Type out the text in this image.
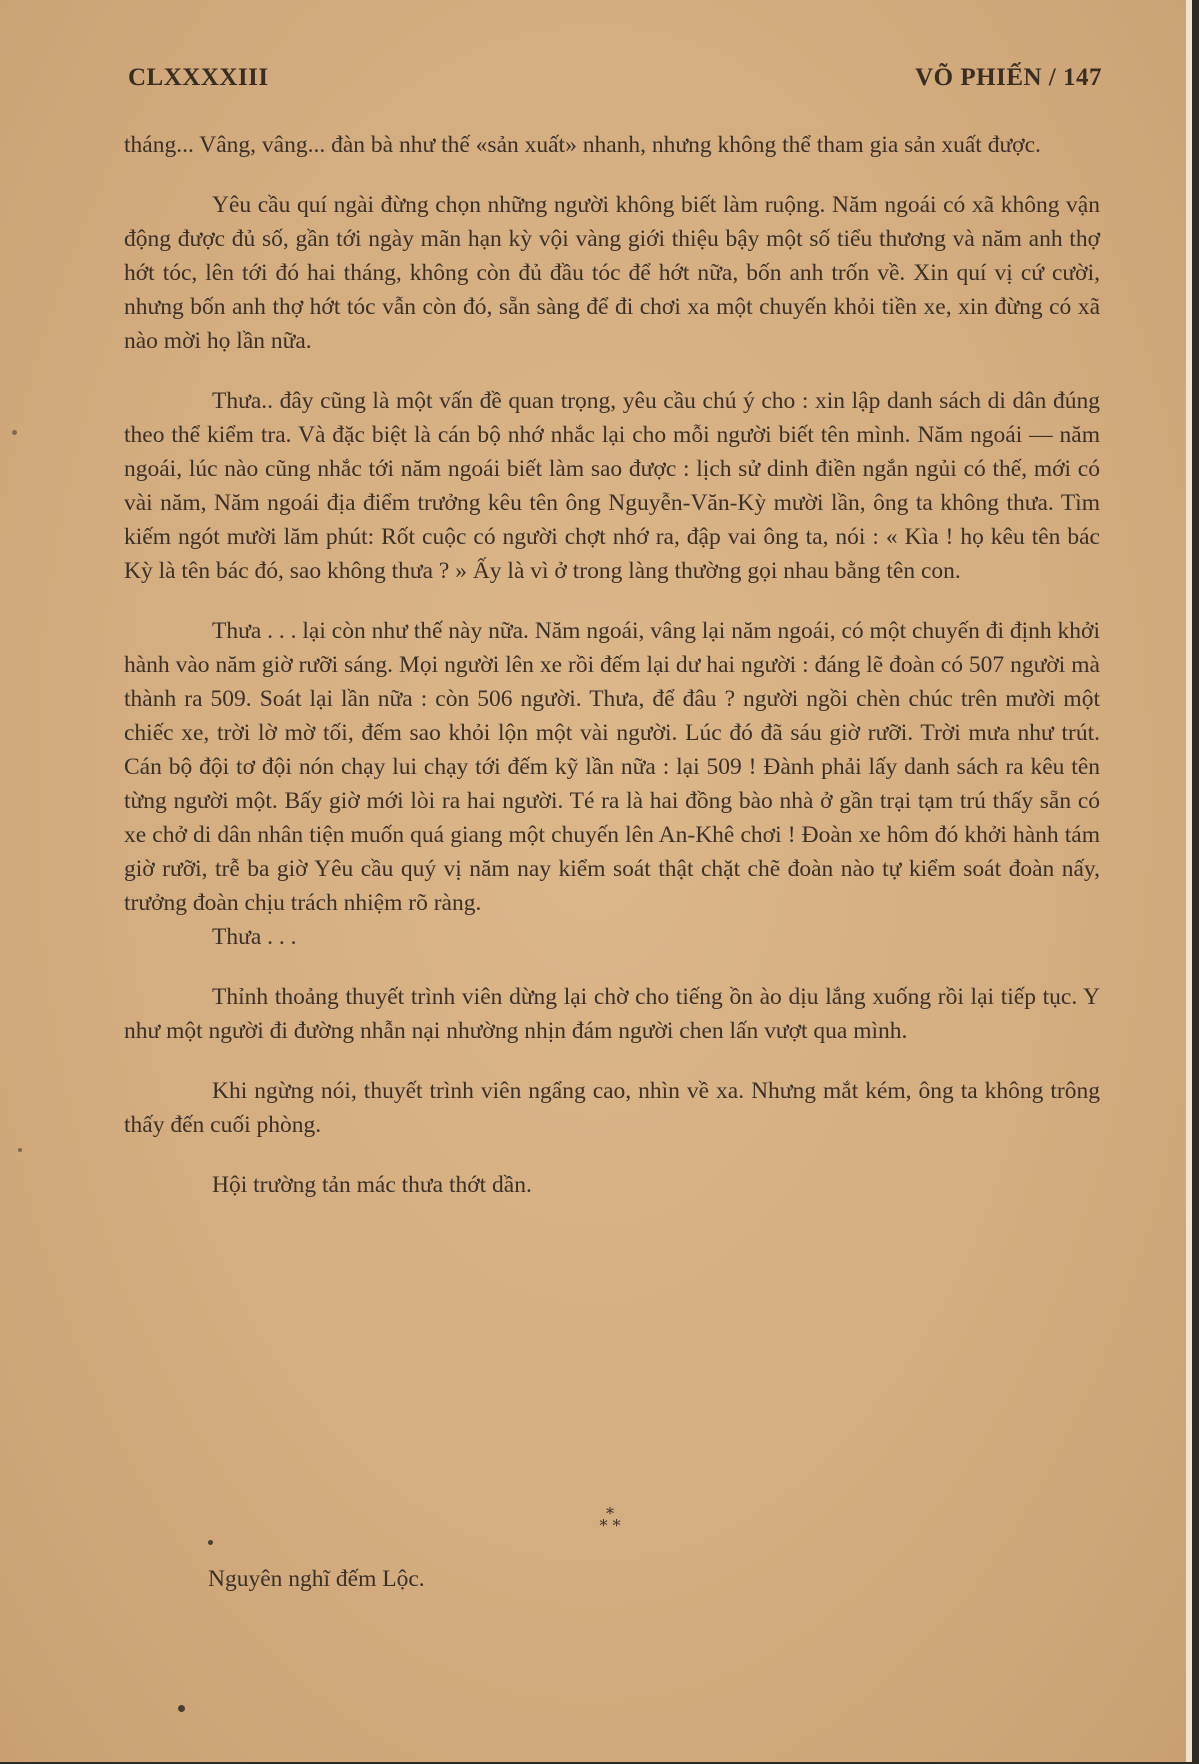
CLXXXXIII	VÕ PHIẾN / 147

tháng... Vâng, vâng... đàn bà như thế «sản xuất» nhanh, nhưng không thể tham gia sản xuất được.

Yêu cầu quí ngài đừng chọn những người không biết làm ruộng. Năm ngoái có xã không vận động được đủ số, gần tới ngày mãn hạn kỳ vội vàng giới thiệu bậy một số tiểu thương và năm anh thợ hớt tóc, lên tới đó hai tháng, không còn đủ đầu tóc để hớt nữa, bốn anh trốn về. Xin quí vị cứ cười, nhưng bốn anh thợ hớt tóc vẫn còn đó, sẵn sàng để đi chơi xa một chuyến khỏi tiền xe, xin đừng có xã nào mời họ lần nữa.

Thưa.. đây cũng là một vấn đề quan trọng, yêu cầu chú ý cho : xin lập danh sách di dân đúng theo thể kiểm tra. Và đặc biệt là cán bộ nhớ nhắc lại cho mỗi người biết tên mình. Năm ngoái — năm ngoái, lúc nào cũng nhắc tới năm ngoái biết làm sao được : lịch sử dinh điền ngắn ngủi có thế, mới có vài năm, Năm ngoái địa điểm trưởng kêu tên ông Nguyễn-Văn-Kỳ mười lần, ông ta không thưa. Tìm kiếm ngót mười lăm phút: Rốt cuộc có người chợt nhớ ra, đập vai ông ta, nói : « Kìa ! họ kêu tên bác Kỳ là tên bác đó, sao không thưa ? » Ấy là vì ở trong làng thường gọi nhau bằng tên con.

Thưa . . . lại còn như thế này nữa. Năm ngoái, vâng lại năm ngoái, có một chuyến đi định khởi hành vào năm giờ rưỡi sáng. Mọi người lên xe rồi đếm lại dư hai người : đáng lẽ đoàn có 507 người mà thành ra 509. Soát lại lần nữa : còn 506 người. Thưa, để đâu ? người ngồi chèn chúc trên mười một chiếc xe, trời lờ mờ tối, đếm sao khỏi lộn một vài người. Lúc đó đã sáu giờ rưỡi. Trời mưa như trút. Cán bộ đội tơ đội nón chạy lui chạy tới đếm kỹ lần nữa : lại 509 ! Đành phải lấy danh sách ra kêu tên từng người một. Bấy giờ mới lòi ra hai người. Té ra là hai đồng bào nhà ở gần trại tạm trú thấy sẵn có xe chở di dân nhân tiện muốn quá giang một chuyến lên An-Khê chơi ! Đoàn xe hôm đó khởi hành tám giờ rưỡi, trễ ba giờ Yêu cầu quý vị năm nay kiểm soát thật chặt chẽ đoàn nào tự kiểm soát đoàn nấy, trưởng đoàn chịu trách nhiệm rõ ràng.

Thưa . . .

Thỉnh thoảng thuyết trình viên dừng lại chờ cho tiếng ồn ào dịu lắng xuống rồi lại tiếp tục. Y như một người đi đường nhẫn nại nhường nhịn đám người chen lấn vượt qua mình.

Khi ngừng nói, thuyết trình viên ngẩng cao, nhìn về xa. Nhưng mắt kém, ông ta không trông thấy đến cuối phòng.

Hội trường tản mác thưa thớt dần.

*
* *
Nguyên nghĩ đếm Lộc.
